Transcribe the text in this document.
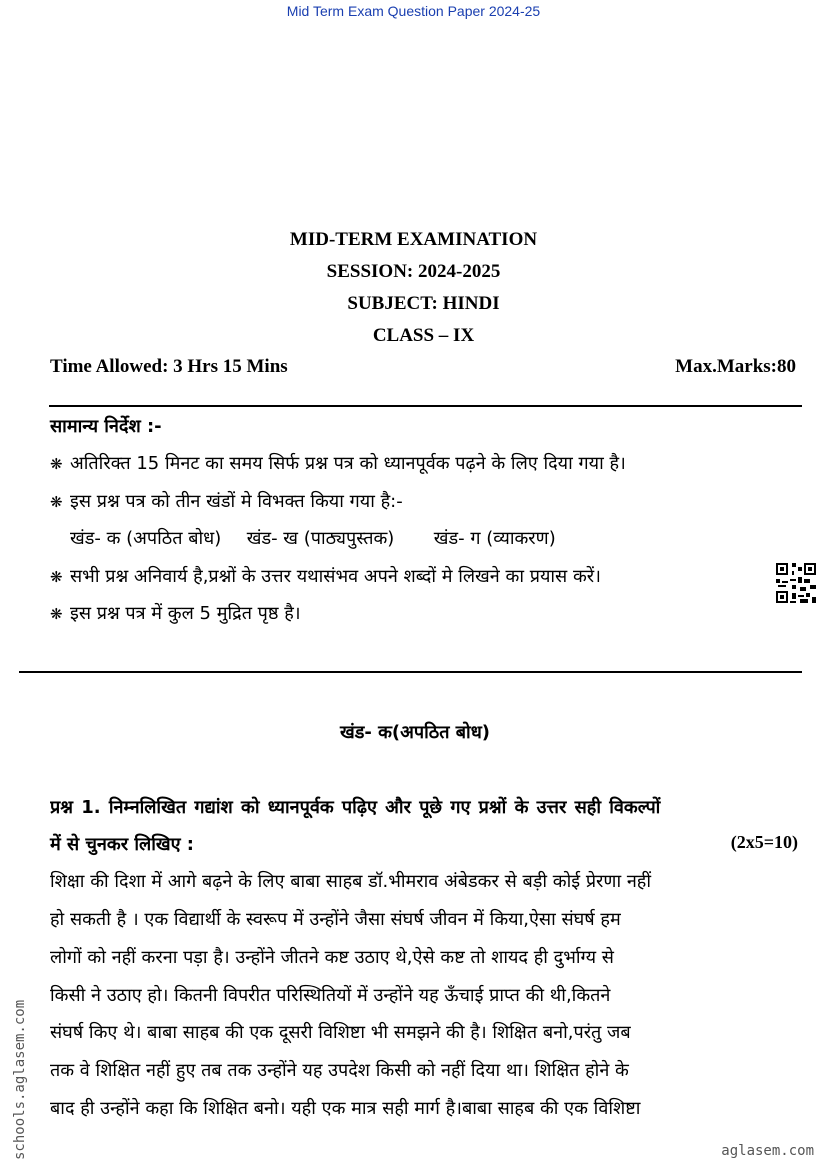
Mid Term Exam Question Paper 2024-25
MID-TERM EXAMINATION
SESSION: 2024-2025
SUBJECT: HINDI
CLASS – IX
Time Allowed: 3 Hrs 15 Mins	Max.Marks:80
सामान्य निर्देश :-
❋ अतिरिक्त 15 मिनट का समय सिर्फ प्रश्न पत्र को ध्यानपूर्वक पढ़ने के लिए दिया गया है।
❋ इस प्रश्न पत्र को तीन खंडों मे विभक्त किया गया है:-
खंड- क (अपठित बोध) खंड- ख (पाठ्यपुस्तक) खंड- ग (व्याकरण)
❋ सभी प्रश्न अनिवार्य है,प्रश्नों के उत्तर यथासंभव अपने शब्दों मे लिखने का प्रयास करें।
❋ इस प्रश्न पत्र में कुल 5 मुद्रित पृष्ठ है।
खंड- क(अपठित बोध)
प्रश्न 1. निम्नलिखित गद्यांश को ध्यानपूर्वक पढ़िए और पूछे गए प्रश्नों के उत्तर सही विकल्पों
में से चुनकर लिखिए :	(2x5=10)
शिक्षा की दिशा में आगे बढ़ने के लिए बाबा साहब डॉ.भीमराव अंबेडकर से बड़ी कोई प्रेरणा नहीं
हो सकती है । एक विद्यार्थी के स्वरूप में उन्होंने जैसा संघर्ष जीवन में किया,ऐसा संघर्ष हम
लोगों को नहीं करना पड़ा है। उन्होंने जीतने कष्ट उठाए थे,ऐसे कष्ट तो शायद ही दुर्भाग्य से
किसी ने उठाए हो। कितनी विपरीत परिस्थितियों में उन्होंने यह ऊँचाई प्राप्त की थी,कितने
संघर्ष किए थे। बाबा साहब की एक दूसरी विशिष्टा भी समझने की है। शिक्षित बनो,परंतु जब
तक वे शिक्षित नहीं हुए तब तक उन्होंने यह उपदेश किसी को नहीं दिया था। शिक्षित होने के
बाद ही उन्होंने कहा कि शिक्षित बनो। यही एक मात्र सही मार्ग है।बाबा साहब की एक विशिष्टा
schools.aglasem.com	aglasem.com
